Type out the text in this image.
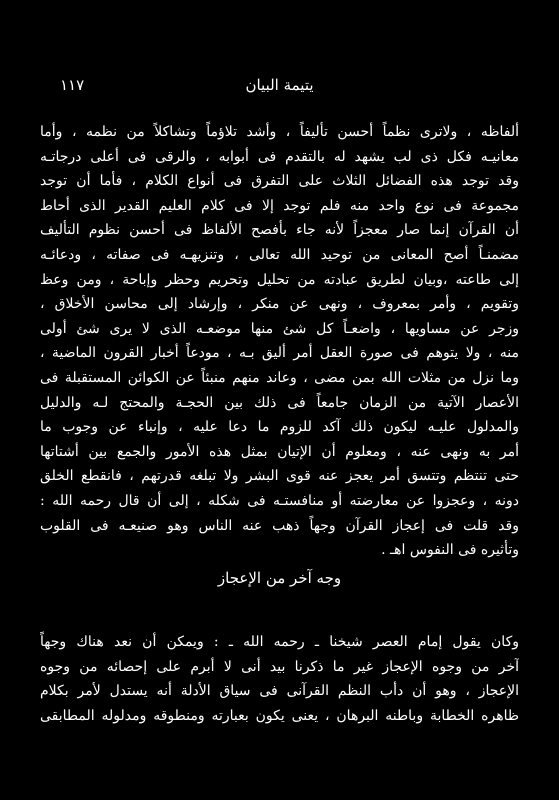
يتيمة البيان
١١٧
ألفاظه ، ولاترى نظماً أحسن تأليفاً ، وأشد تلاؤماً وتشاكلاً من نظمه ، وأما
معانيـه فكل ذى لب يشهد له بالتقدم فى أبوابه ، والرقى فى أعلى درجاتـه
وقد توجد هذه الفضائل الثلاث على التفرق فى أنواع الكلام ، فأما أن توجد
مجموعة فى نوع واحد منه فلم توجد إلا فى كلام العليم القدير الذى أحاط
أن القرآن إنما صار معجزاً لأنه جاء بأفصح الألفاظ فى أحسن نظوم التأليف
مضمنـاً أصح المعانى من توحيد الله تعالى ، وتنزيهـه فى صفاته ، ودعائـه
إلى طاعته ،وبيان لطريق عبادته من تحليل وتحريم وحظر وإباحة ، ومن وعظ
وتقويم ، وأمر بمعروف ، ونهى عن منكر ، وإرشاد إلى محاسن الأخلاق ،
وزجر عن مساويها ، واضعـاً كل شئ منها موضعـه الذى لا يرى شئ أولى
منه ، ولا يتوهم فى صورة العقل أمر أليق بـه ، مودعاً أخبار القرون الماضية ،
وما نزل من مثلات الله بمن مضى ، وعاند منهم منبئاً عن الكوائن المستقبلة فى
الأعصار الآتية من الزمان جامعاً فى ذلك بين الحجـة والمحتج لـه والدليل
والمدلول عليـه ليكون ذلك آكد للزوم ما دعا عليه ، وإنباء عن وجوب ما
أمر به ونهى عنه ، ومعلوم أن الإتيان بمثل هذه الأمور والجمع بين أشتاتها
حتى تنتظم وتتسق أمر يعجز عنه قوى البشر ولا تبلغه قدرتهم ، فانقطع الخلق
دونه ، وعجزوا عن معارضته أو منافستـه فى شكله ، إلى أن قال رحمه الله :
وقد قلت فى إعجاز القرآن وجهاً ذهب عنه الناس وهو صنيعـه فى القلوب
وتأثيره فى النفوس اهـ .
وجه آخر من الإعجاز
وكان يقول إمام العصر شيخنا ـ رحمه الله ـ : ويمكن أن نعد هناك وجهاً
آخر من وجوه الإعجاز غير ما ذكرنا بيد أنى لا أبرم على إحصائه من وجوه
الإعجاز ، وهو أن دأب النظم القرآنى فى سياق الأدلة أنه يستدل لأمر بكلام
ظاهره الخطابة وباطنه البرهان ، يعنى يكون بعبارته ومنطوقه ومدلوله المطابقى
